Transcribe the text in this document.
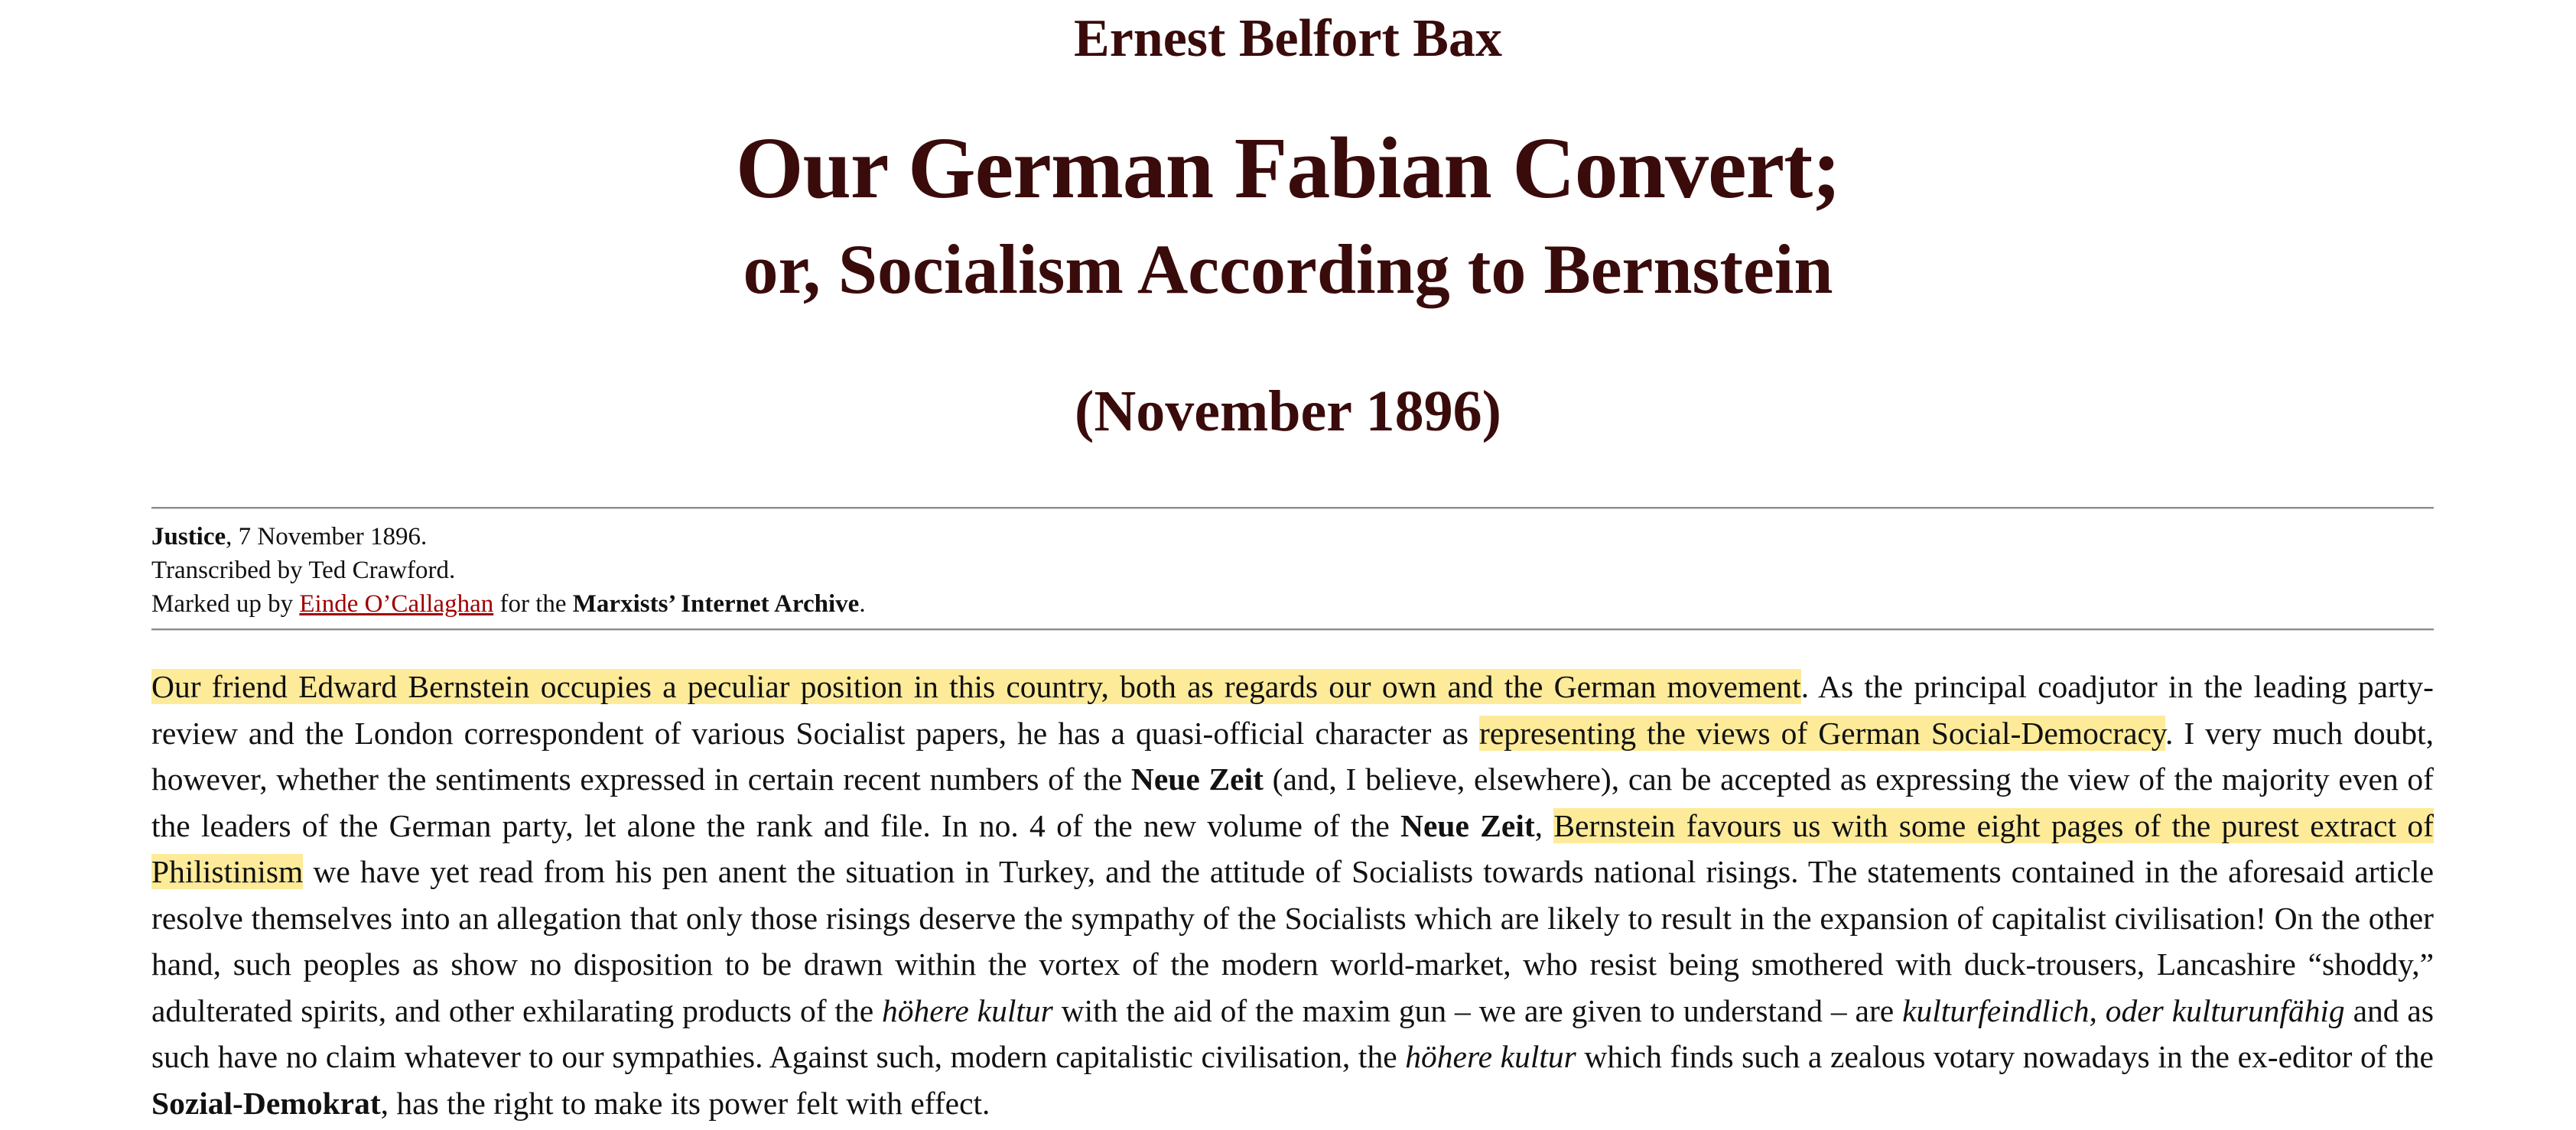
Ernest Belfort Bax
Our German Fabian Convert;
or, Socialism According to Bernstein
(November 1896)
Justice, 7 November 1896.
Transcribed by Ted Crawford.
Marked up by Einde O’Callaghan for the Marxists’ Internet Archive.
Our friend Edward Bernstein occupies a peculiar position in this country, both as regards our own and the German movement. As the principal coadjutor in the leading party-review and the London correspondent of various Socialist papers, he has a quasi-official character as representing the views of German Social-Democracy. I very much doubt, however, whether the sentiments expressed in certain recent numbers of the Neue Zeit (and, I believe, elsewhere), can be accepted as expressing the view of the majority even of the leaders of the German party, let alone the rank and file. In no. 4 of the new volume of the Neue Zeit, Bernstein favours us with some eight pages of the purest extract of Philistinism we have yet read from his pen anent the situation in Turkey, and the attitude of Socialists towards national risings. The statements contained in the aforesaid article resolve themselves into an allegation that only those risings deserve the sympathy of the Socialists which are likely to result in the expansion of capitalist civilisation! On the other hand, such peoples as show no disposition to be drawn within the vortex of the modern world-market, who resist being smothered with duck-trousers, Lancashire “shoddy,” adulterated spirits, and other exhilarating products of the höhere kultur with the aid of the maxim gun – we are given to understand – are kulturfeindlich, oder kulturunfähig and as such have no claim whatever to our sympathies. Against such, modern capitalistic civilisation, the höhere kultur which finds such a zealous votary nowadays in the ex-editor of the Sozial-Demokrat, has the right to make its power felt with effect.
